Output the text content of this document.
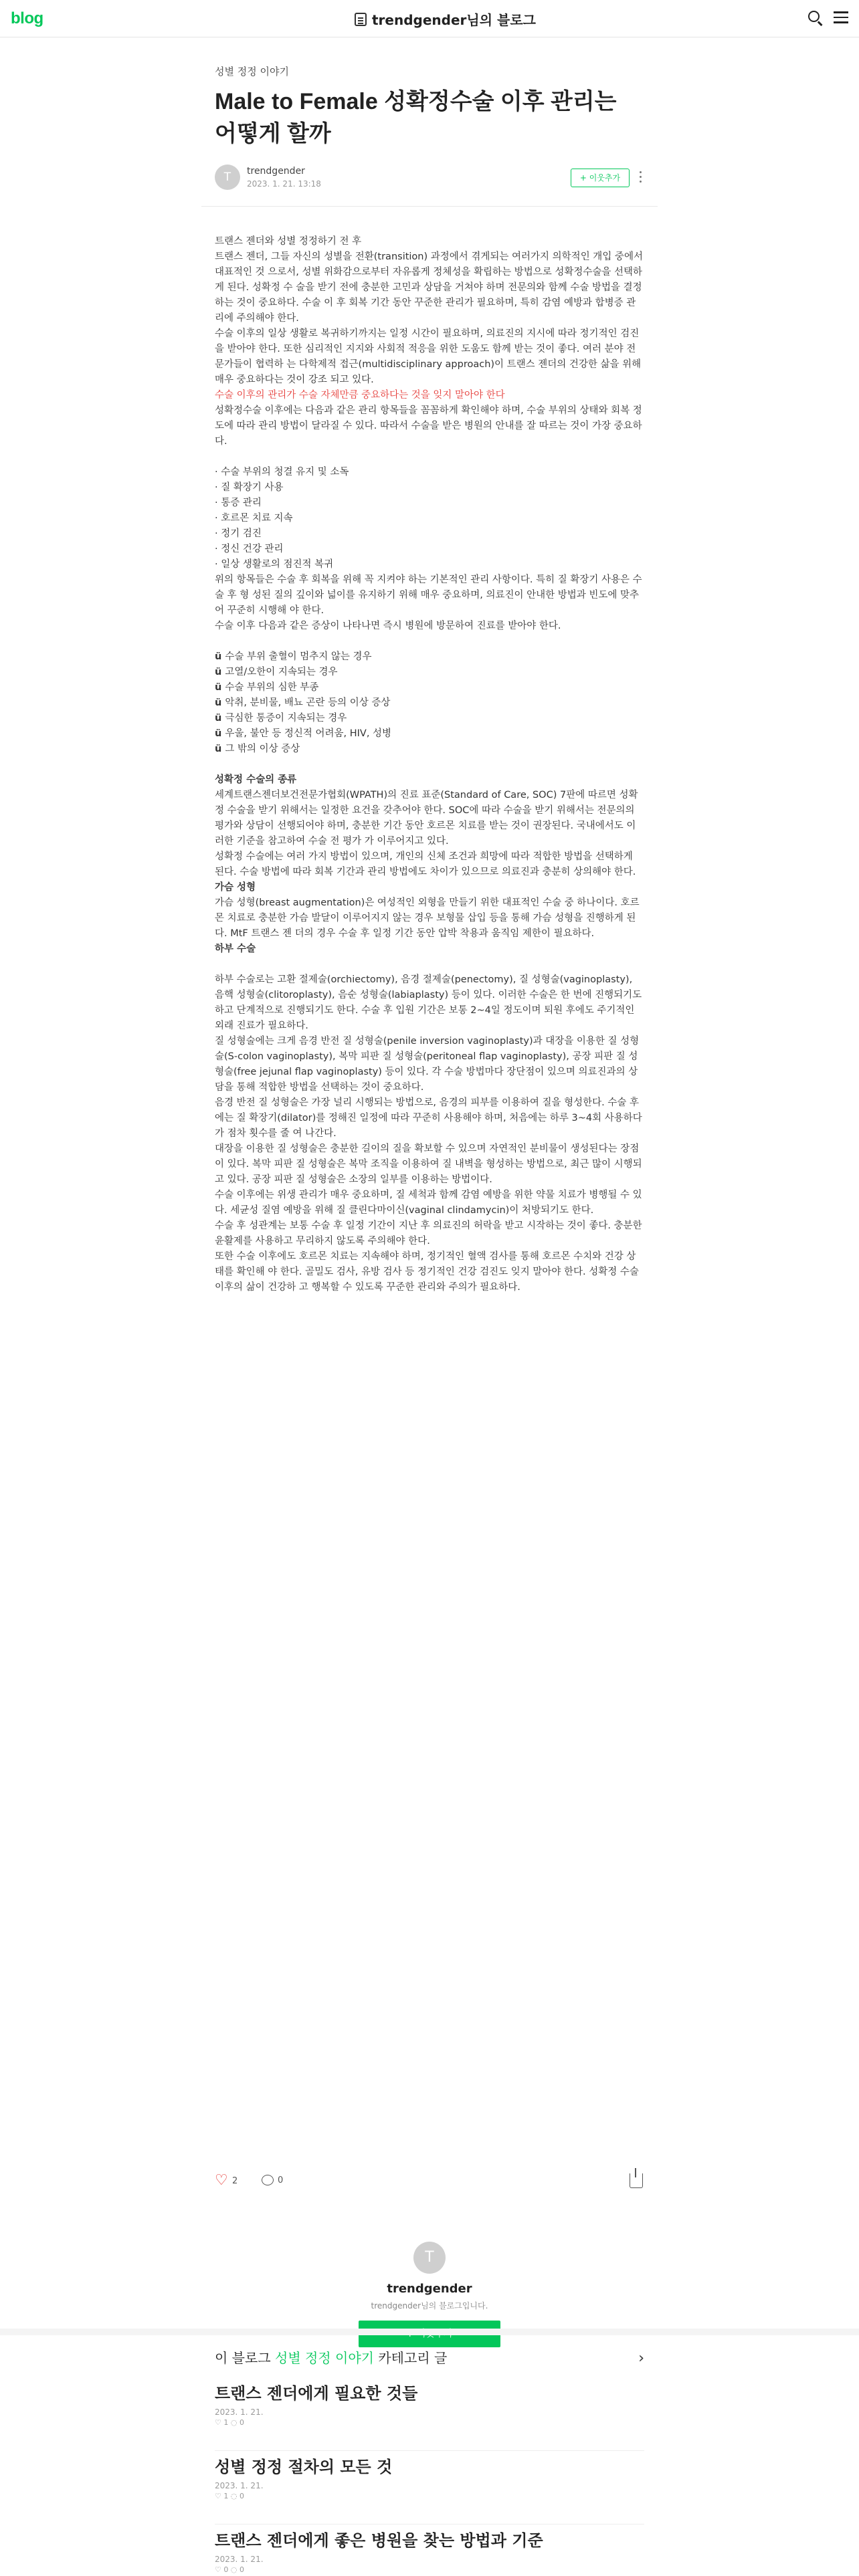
blog	trendgender님의 블로그
성별 정정 이야기
Male to Female 성확정수술 이후 관리는 어떻게 할까
T	trendgender
2023. 1. 21. 13:18
+ 이웃추가

트랜스 젠더와 성별 정정하기 전 후

트랜스 젠더, 그들 자신의 성별을 전환(transition) 과정에서 겪게되는 여러가지 의학적인 개입 중에서 대표적인 것 으로서, 성별 위화감으로부터 자유롭게 정체성을 확립하는 방법으로 성확정수술을 선택하게 된다. 성확정 수 술을 받기 전에 충분한 고민과 상담을 거쳐야 하며 전문의와 함께 수술 방법을 결정하는 것이 중요하다. 수술 이 후 회복 기간 동안 꾸준한 관리가 필요하며, 특히 감염 예방과 합병증 관리에 주의해야 한다.

수술 이후의 일상 생활로 복귀하기까지는 일정 시간이 필요하며, 의료진의 지시에 따라 정기적인 검진을 받아야 한다. 또한 심리적인 지지와 사회적 적응을 위한 도움도 함께 받는 것이 좋다. 여러 분야 전문가들이 협력하 는 다학제적 접근(multidisciplinary approach)이 트랜스 젠더의 건강한 삶을 위해 매우 중요하다는 것이 강조 되고 있다.

수술 이후의 관리가 수술 자체만큼 중요하다는 것을 잊지 말아야 한다

성확정수술 이후에는 다음과 같은 관리 항목들을 꼼꼼하게 확인해야 하며, 수술 부위의 상태와 회복 정도에 따라 관리 방법이 달라질 수 있다. 따라서 수술을 받은 병원의 안내를 잘 따르는 것이 가장 중요하다.

· 수술 부위의 청결 유지 및 소독
· 질 확장기 사용
· 통증 관리
· 호르몬 치료 지속
· 정기 검진
· 정신 건강 관리
· 일상 생활로의 점진적 복귀

위의 항목들은 수술 후 회복을 위해 꼭 지켜야 하는 기본적인 관리 사항이다. 특히 질 확장기 사용은 수술 후 형 성된 질의 깊이와 넓이를 유지하기 위해 매우 중요하며, 의료진이 안내한 방법과 빈도에 맞추어 꾸준히 시행해 야 한다.

수술 이후 다음과 같은 증상이 나타나면 즉시 병원에 방문하여 진료를 받아야 한다.

ü 수술 부위 출혈이 멈추지 않는 경우

ü 고열/오한이 지속되는 경우

ü 수술 부위의 심한 부종

ü 악취, 분비물, 배뇨 곤란 등의 이상 증상

ü 극심한 통증이 지속되는 경우

ü 우울, 불안 등 정신적 어려움, HIV, 성병

ü 그 밖의 이상 증상

성확정 수술의 종류

세계트랜스젠더보건전문가협회(WPATH)의 진료 표준(Standard of Care, SOC) 7판에 따르면 성확정 수술을 받기 위해서는 일정한 요건을 갖추어야 한다. SOC에 따라 수술을 받기 위해서는 전문의의 평가와 상담이 선행되어야 하며, 충분한 기간 동안 호르몬 치료를 받는 것이 권장된다. 국내에서도 이러한 기준을 참고하여 수술 전 평가 가 이루어지고 있다.

성확정 수술에는 여러 가지 방법이 있으며, 개인의 신체 조건과 희망에 따라 적합한 방법을 선택하게 된다. 수술 방법에 따라 회복 기간과 관리 방법에도 차이가 있으므로 의료진과 충분히 상의해야 한다.

가슴 성형

가슴 성형(breast augmentation)은 여성적인 외형을 만들기 위한 대표적인 수술 중 하나이다. 호르몬 치료로 충분한 가슴 발달이 이루어지지 않는 경우 보형물 삽입 등을 통해 가슴 성형을 진행하게 된다. MtF 트랜스 젠 더의 경우 수술 후 일정 기간 동안 압박 착용과 움직임 제한이 필요하다.

하부 수술

하부 수술로는 고환 절제술(orchiectomy), 음경 절제술(penectomy), 질 성형술(vaginoplasty), 음핵 성형술(clitoroplasty), 음순 성형술(labiaplasty) 등이 있다. 이러한 수술은 한 번에 진행되기도 하고 단계적으로 진행되기도 한다. 수술 후 입원 기간은 보통 2~4일 정도이며 퇴원 후에도 주기적인 외래 진료가 필요하다.

질 성형술에는 크게 음경 반전 질 성형술(penile inversion vaginoplasty)과 대장을 이용한 질 성형술(S-colon vaginoplasty), 복막 피판 질 성형술(peritoneal flap vaginoplasty), 공장 피판 질 성형술(free jejunal flap vaginoplasty) 등이 있다. 각 수술 방법마다 장단점이 있으며 의료진과의 상담을 통해 적합한 방법을 선택하는 것이 중요하다.

음경 반전 질 성형술은 가장 널리 시행되는 방법으로, 음경의 피부를 이용하여 질을 형성한다. 수술 후에는 질 확장기(dilator)를 정해진 일정에 따라 꾸준히 사용해야 하며, 처음에는 하루 3~4회 사용하다가 점차 횟수를 줄 여 나간다.

대장을 이용한 질 성형술은 충분한 길이의 질을 확보할 수 있으며 자연적인 분비물이 생성된다는 장점이 있다. 복막 피판 질 성형술은 복막 조직을 이용하여 질 내벽을 형성하는 방법으로, 최근 많이 시행되고 있다. 공장 피판 질 성형술은 소장의 일부를 이용하는 방법이다.

수술 이후에는 위생 관리가 매우 중요하며, 질 세척과 함께 감염 예방을 위한 약물 치료가 병행될 수 있다. 세균성 질염 예방을 위해 질 클린다마이신(vaginal clindamycin)이 처방되기도 한다.

수술 후 성관계는 보통 수술 후 일정 기간이 지난 후 의료진의 허락을 받고 시작하는 것이 좋다. 충분한 윤활제를 사용하고 무리하지 않도록 주의해야 한다.

또한 수술 이후에도 호르몬 치료는 지속해야 하며, 정기적인 혈액 검사를 통해 호르몬 수치와 건강 상태를 확인해 야 한다. 골밀도 검사, 유방 검사 등 정기적인 건강 검진도 잊지 말아야 한다. 성확정 수술 이후의 삶이 건강하 고 행복할 수 있도록 꾸준한 관리와 주의가 필요하다.

♡
2	0
T
trendgender
trendgender님의 블로그입니다.
이 블로그 성별 정정 이야기 카테고리 글	›
트랜스 젠더에게 필요한 것들
2023. 1. 21.
♡ 1 ◌ 0
성별 정정 절차의 모든 것
2023. 1. 21.
♡ 1 ◌ 0
트랜스 젠더에게 좋은 병원을 찾는 방법과 기준
2023. 1. 21.
♡ 0 ◌ 0
